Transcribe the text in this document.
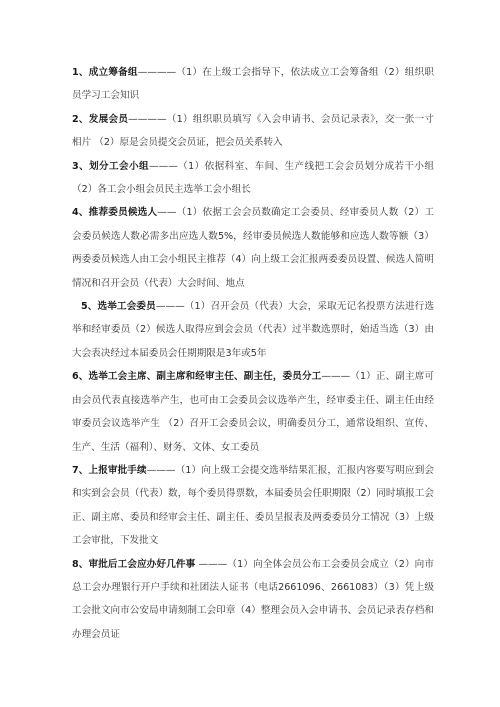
1、成立筹备组————（1）在上级工会指导下，依法成立工会筹备组（2）组织职员学习工会知识

2、发展会员————（1）组织职员填写《入会申请书、会员记录表》，交一张一寸相片 （2）原是会员提交会员证，把会员关系转入

3、划分工会小组———（1）依据科室、车间、生产线把工会会员划分成若干小组（2）各工会小组会员民主选举工会小组长

4、推荐委员候选人——（1）依据工会会员数确定工会委员、经审委员人数（2）工会委员候选人数必需多出应选人数5%，经审委员候选人数能够和应选人数等额（3）两委委员候选人由工会小组民主推荐（4）向上级工会汇报两委委员设置、候选人简明情况和召开会员（代表）大会时间、地点

5、选举工会委员———（1）召开会员（代表）大会，采取无记名投票方法进行选举和经审委员（2）候选人取得应到会会员（代表）过半数选票时，始适当选（3）由大会表决经过本届委员会任期期限是3年或5年

6、选举工会主席、副主席和经审主任、副主任，委员分工———（1）正、副主席可由会员代表直接选举产生，也可由工会委员会议选举产生，经审委主任、副主任由经审委员会议选举产生 （2）召开工会委员会议，明确委员分工，通常设组织、宣传、生产、生活（福利）、财务、文体、女工委员

7、上报审批手续———（1）向上级工会提交选举结果汇报，汇报内容要写明应到会和实到会会员（代表）数，每个委员得票数，本届委员会任职期限（2）同时填报工会正、副主席、委员和经审会主任、副主任、委员呈报表及两委委员分工情况（3）上级工会审批，下发批文

8、审批后工会应办好几件事 ———（1）向全体会员公布工会委员会成立（2）向市总工会办理银行开户手续和社团法人证书（电话2661096、2661083）（3）凭上级工会批文向市公安局申请刻制工会印章（4）整理会员入会申请书、会员记录表存档和办理会员证
